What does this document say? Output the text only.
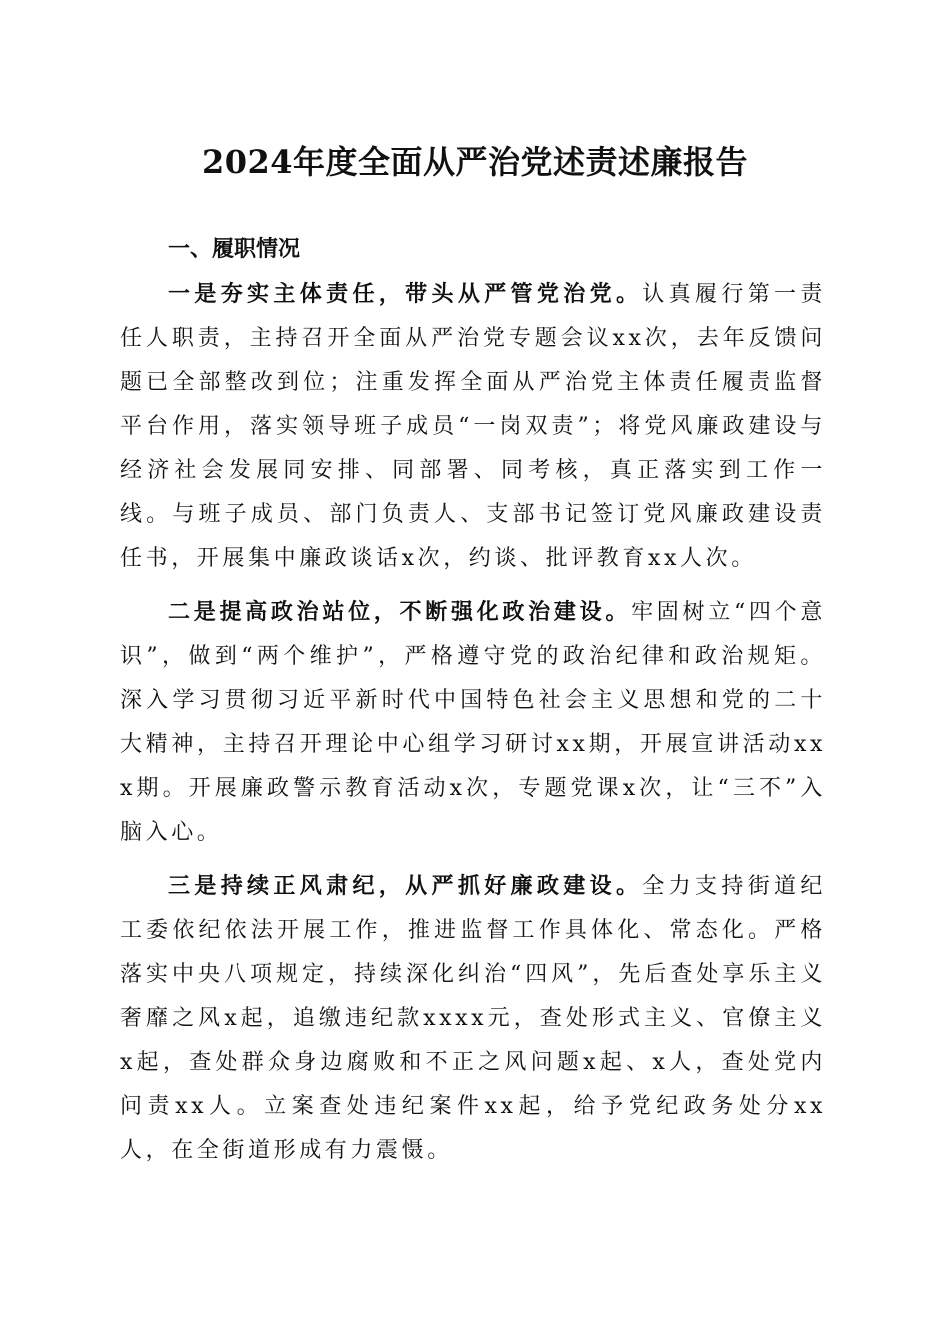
2024年度全面从严治党述责述廉报告

一、履职情况

一是夯实主体责任，带头从严管党治党。认真履行第一责任人职责，主持召开全面从严治党专题会议xx次，去年反馈问题已全部整改到位；注重发挥全面从严治党主体责任履责监督平台作用，落实领导班子成员“一岗双责”；将党风廉政建设与经济社会发展同安排、同部署、同考核，真正落实到工作一线。与班子成员、部门负责人、支部书记签订党风廉政建设责任书，开展集中廉政谈话x次，约谈、批评教育xx人次。

二是提高政治站位，不断强化政治建设。牢固树立“四个意识”，做到“两个维护”，严格遵守党的政治纪律和政治规矩。深入学习贯彻习近平新时代中国特色社会主义思想和党的二十大精神，主持召开理论中心组学习研讨xx期，开展宣讲活动xxx期。开展廉政警示教育活动x次，专题党课x次，让“三不”入脑入心。

三是持续正风肃纪，从严抓好廉政建设。全力支持街道纪工委依纪依法开展工作，推进监督工作具体化、常态化。严格落实中央八项规定，持续深化纠治“四风”，先后查处享乐主义奢靡之风x起，追缴违纪款xxxx元，查处形式主义、官僚主义x起，查处群众身边腐败和不正之风问题x起、x人，查处党内问责xx人。立案查处违纪案件xx起，给予党纪政务处分xx人，在全街道形成有力震慑。
